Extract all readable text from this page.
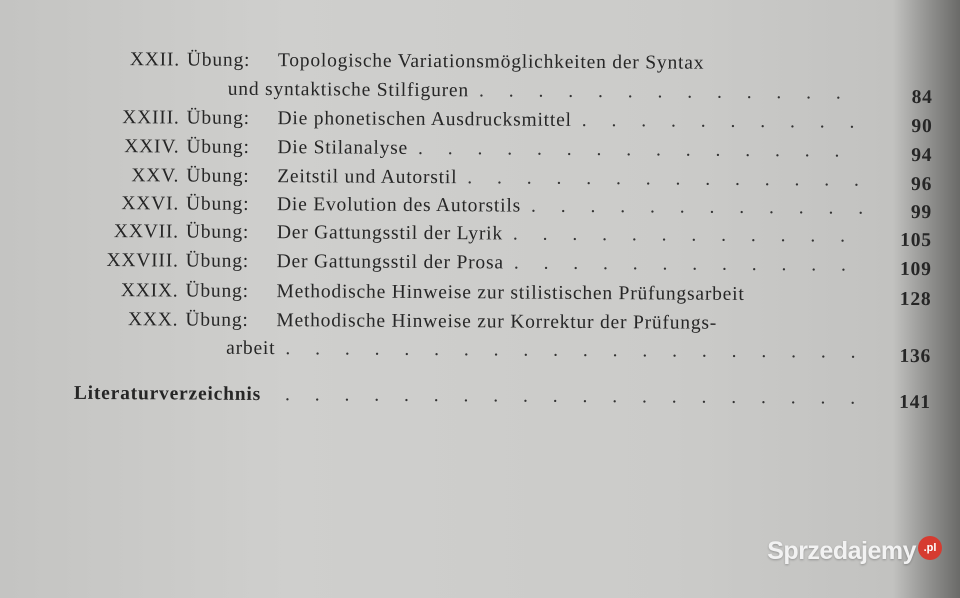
XXII. Übung: Topologische Variationsmöglichkeiten der Syntax
und syntaktische Stilfiguren . . .	84
XXIII. Übung: Die phonetischen Ausdrucksmittel . . .	90
XXIV. Übung: Die Stilanalyse . . .	94
XXV. Übung: Zeitstil und Autorstil . . .	96
XXVI. Übung: Die Evolution des Autorstils . . .	99
XXVII. Übung: Der Gattungsstil der Lyrik . . .	105
XXVIII. Übung: Der Gattungsstil der Prosa . . .	109
XXIX. Übung: Methodische Hinweise zur stilistischen Prüfungsarbeit	128
XXX. Übung: Methodische Hinweise zur Korrektur der Prüfungs-
arbeit . . .	136
Literaturverzeichnis . . .	141
Sprzedajemy .pl
